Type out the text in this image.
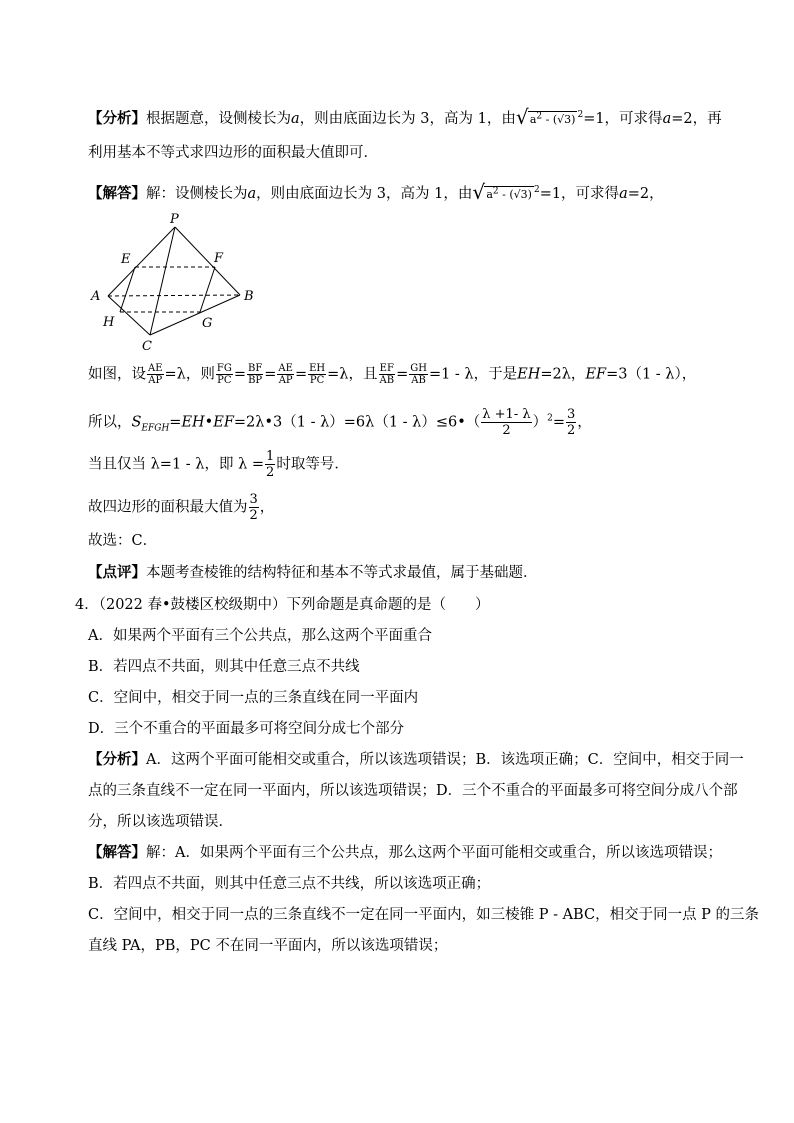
【分析】根据题意，设侧棱长为a，则由底面边长为 3，高为 1，由 √ $a^2 - (√3)$ $^2$=1，可求得a=2，再
利用基本不等式求四边形的面积最大值即可．
【解答】解：设侧棱长为a，则由底面边长为 3，高为 1，由 √ $a^2 - (√3)$ $^2$=1，可求得a=2，
P
E	F
A	B
H	G
C
如图，设 $\frac{AE}{AP} =\lambda$，则 $\frac{FG}{PC} = \frac{BF}{BP} = \frac{AE}{AP} = \frac{EH}{PC} =\lambda$，且 $\frac{EF}{AB} = \frac{GH}{AB} =1 - \lambda$，于是EH=2λ，EF=3（1 - λ），
所以，$S_{EFGH}=EH•EF=2\lambda•3(1 - \lambda)=6\lambda(1$ - λ）≤6•（ $\frac{\lambda +1- \lambda}{2} )^2= \frac{3}{2}$ ，
当且仅当 λ=1 - λ，即 $\lambda = \frac{1}{2}$ 时取等号．
故四边形的面积最大值为 $\frac{3}{2}$ ，
故选：C．
【点评】本题考查棱锥的结构特征和基本不等式求最值，属于基础题．
4．（2022 春•鼓楼区校级期中）下列命题是真命题的是（　　）
A．如果两个平面有三个公共点，那么这两个平面重合
B．若四点不共面，则其中任意三点不共线
C．空间中，相交于同一点的三条直线在同一平面内
D．三个不重合的平面最多可将空间分成七个部分
【分析】A．这两个平面可能相交或重合，所以该选项错误；B．该选项正确；C．空间中，相交于同一
点的三条直线不一定在同一平面内，所以该选项错误；D．三个不重合的平面最多可将空间分成八个部
分，所以该选项错误．
【解答】解：A．如果两个平面有三个公共点，那么这两个平面可能相交或重合，所以该选项错误；
B．若四点不共面，则其中任意三点不共线，所以该选项正确；
C．空间中，相交于同一点的三条直线不一定在同一平面内，如三棱锥 P - ABC，相交于同一点 P 的三条
直线 PA，PB，PC 不在同一平面内，所以该选项错误；
